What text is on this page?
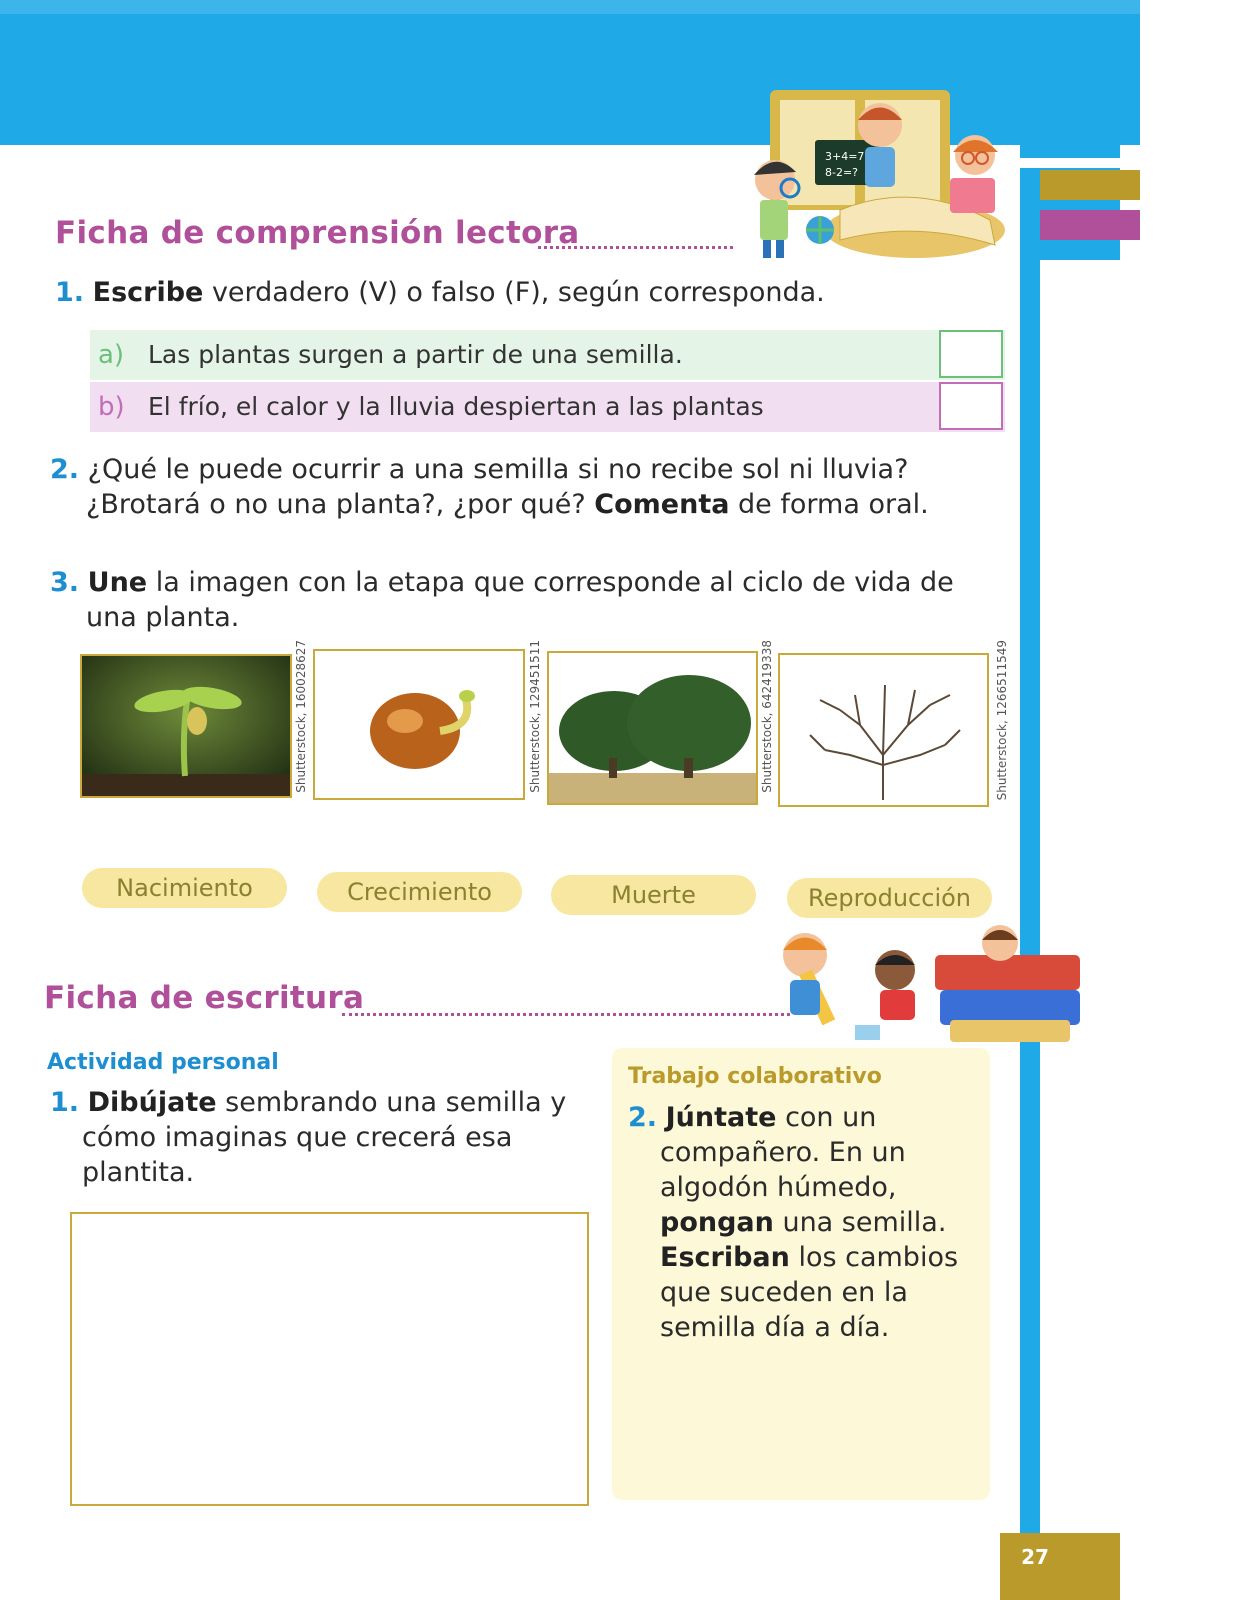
3+4=7
8-2=?
Ficha de comprensión lectora
1. Escribe verdadero (V) o falso (F), según corresponda.
a) Las plantas surgen a partir de una semilla.
b) El frío, el calor y la lluvia despiertan a las plantas
2. ¿Qué le puede ocurrir a una semilla si no recibe sol ni lluvia?
¿Brotará o no una planta?, ¿por qué? Comenta de forma oral.
3. Une la imagen con la etapa que corresponde al ciclo de vida de
una planta.
Shutterstock, 160028627	Shutterstock, 129451511	Shutterstock, 642419338	Shutterstock, 1266511549
Nacimiento	Crecimiento	Muerte	Reproducción
Ficha de escritura
Actividad personal
1. Dibújate sembrando una semilla y
cómo imaginas que crecerá esa
plantita.
Trabajo colaborativo
2. Júntate con un
compañero. En un
algodón húmedo,
pongan una semilla.
Escriban los cambios
que suceden en la
semilla día a día.
27
